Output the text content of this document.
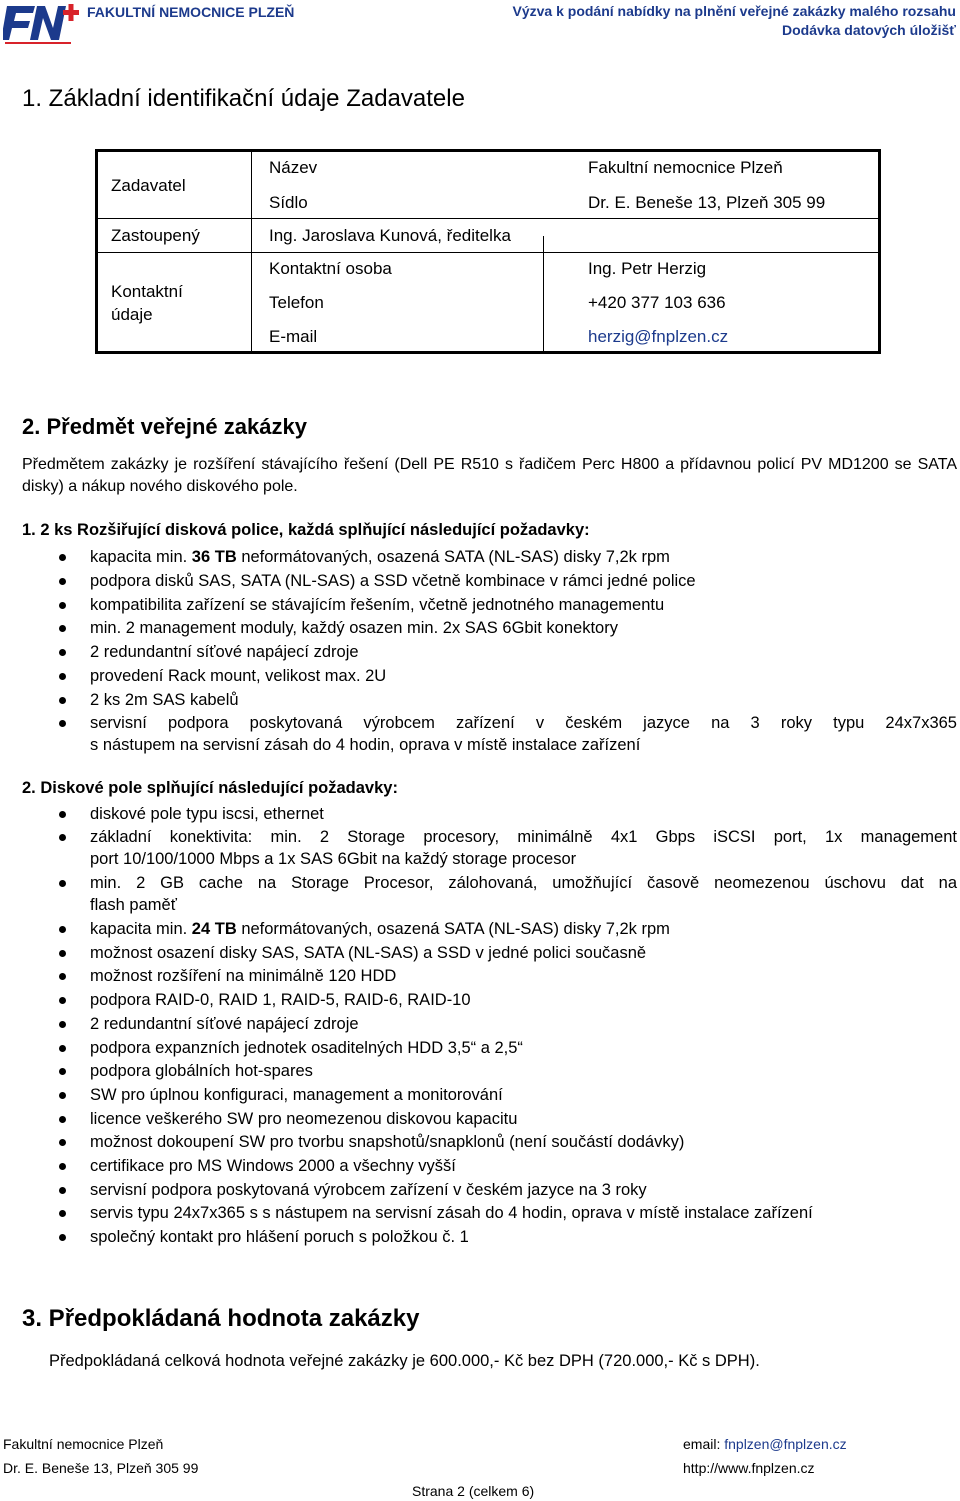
FAKULTNÍ NEMOCNICE PLZEŇ	Výzva k podání nabídky na plnění veřejné zakázky malého rozsahu
Dodávka datových úložišť
1. Základní identifikační údaje Zadavatele
Zadavatel
Název	Fakultní nemocnice Plzeň
Sídlo	Dr. E. Beneše 13, Plzeň 305 99
Zastoupený	Ing. Jaroslava Kunová, ředitelka
Kontaktní
údaje
Kontaktní osoba	Ing. Petr Herzig
Telefon	+420 377 103 636
E-mail	herzig@fnplzen.cz
2. Předmět veřejné zakázky
Předmětem zakázky je rozšíření stávajícího řešení (Dell PE R510 s řadičem Perc H800 a přídavnou policí PV MD1200 se SATA disky) a nákup nového diskového pole.
1. 2 ks Rozšiřující disková police, každá splňující následující požadavky:
kapacita min. 36 TB neformátovaných, osazená SATA (NL-SAS) disky 7,2k rpm
podpora disků SAS, SATA (NL-SAS) a SSD včetně kombinace v rámci jedné police
kompatibilita zařízení se stávajícím řešením, včetně jednotného managementu
min. 2 management moduly, každý osazen min. 2x SAS 6Gbit konektory
2 redundantní síťové napájecí zdroje
provedení Rack mount, velikost max. 2U
2 ks 2m SAS kabelů
servisní podpora poskytovaná výrobcem zařízení v českém jazyce na 3 roky typu 24x7x365
s nástupem na servisní zásah do 4 hodin, oprava v místě instalace zařízení
2. Diskové pole splňující následující požadavky:
diskové pole typu iscsi, ethernet
základní konektivita: min. 2 Storage procesory, minimálně 4x1 Gbps iSCSI port, 1x management
port 10/100/1000 Mbps a 1x SAS 6Gbit na každý storage procesor
min. 2 GB cache na Storage Procesor, zálohovaná, umožňující časově neomezenou úschovu dat na
flash paměť
kapacita min. 24 TB neformátovaných, osazená SATA (NL-SAS) disky 7,2k rpm
možnost osazení disky SAS, SATA (NL-SAS) a SSD v jedné polici současně
možnost rozšíření na minimálně 120 HDD
podpora RAID-0, RAID 1, RAID-5, RAID-6, RAID-10
2 redundantní síťové napájecí zdroje
podpora expanzních jednotek osaditelných HDD 3,5“ a 2,5“
podpora globálních hot-spares
SW pro úplnou konfiguraci, management a monitorování
licence veškerého SW pro neomezenou diskovou kapacitu
možnost dokoupení SW pro tvorbu snapshotů/snapklonů (není součástí dodávky)
certifikace pro MS Windows 2000 a všechny vyšší
servisní podpora poskytovaná výrobcem zařízení v českém jazyce na 3 roky
servis typu 24x7x365 s s nástupem na servisní zásah do 4 hodin, oprava v místě instalace zařízení
společný kontakt pro hlášení poruch s položkou č. 1
3. Předpokládaná hodnota zakázky
Předpokládaná celková hodnota veřejné zakázky je 600.000,- Kč bez DPH (720.000,- Kč s DPH).
Fakultní nemocnice Plzeň
Dr. E. Beneše 13, Plzeň 305 99
email: fnplzen@fnplzen.cz
http://www.fnplzen.cz
Strana 2 (celkem 6)
